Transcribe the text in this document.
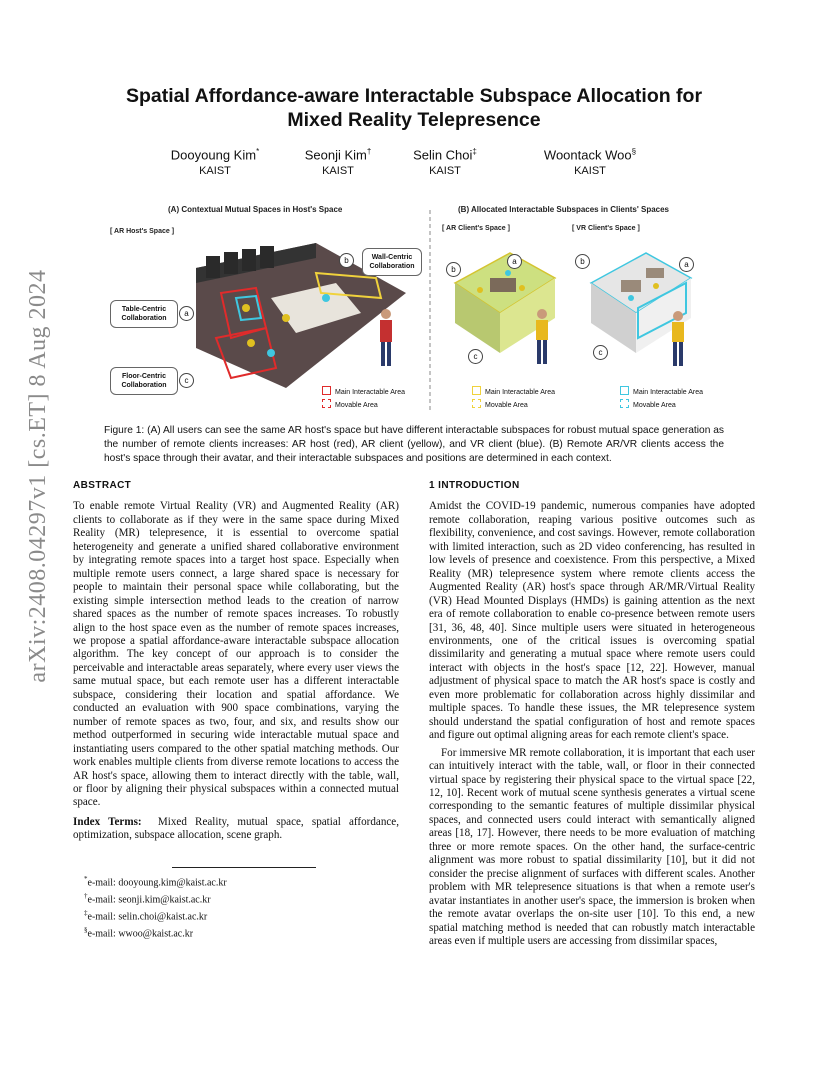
arXiv:2408.04297v1 [cs.ET] 8 Aug 2024
Spatial Affordance-aware Interactable Subspace Allocation for
Mixed Reality Telepresence
Dooyoung Kim*
KAIST
Seonji Kim†
KAIST
Selin Choi‡
KAIST
Woontack Woo§
KAIST
(A) Contextual Mutual Spaces in Host's Space	(B) Allocated Interactable Subspaces in Clients' Spaces
[ AR Host's Space ]	[ AR Client's Space ]	[ VR Client's Space ]
Wall-Centric Collaboration
b
Table-Centric Collaboration
a
Floor-Centric Collaboration
c
b
a
c
b	a
c
Main Interactable Area
Movable Area
Main Interactable Area
Movable Area
Main Interactable Area
Movable Area
Figure 1: (A) All users can see the same AR host's space but have different interactable subspaces for robust mutual space generation as the number of remote clients increases: AR host (red), AR client (yellow), and VR client (blue). (B) Remote AR/VR clients access the host's space through their avatar, and their interactable subspaces and positions are determined in each context.

ABSTRACT

To enable remote Virtual Reality (VR) and Augmented Reality (AR) clients to collaborate as if they were in the same space during Mixed Reality (MR) telepresence, it is essential to overcome spatial heterogeneity and generate a unified shared collaborative environment by integrating remote spaces into a target host space. Especially when multiple remote users connect, a large shared space is necessary for people to maintain their personal space while collaborating, but the existing simple intersection method leads to the creation of narrow shared spaces as the number of remote spaces increases. To robustly align to the host space even as the number of remote spaces increases, we propose a spatial affordance-aware interactable subspace allocation algorithm. The key concept of our approach is to consider the perceivable and interactable areas separately, where every user views the same mutual space, but each remote user has a different interactable subspace, considering their location and spatial affordance. We conducted an evaluation with 900 space combinations, varying the number of remote spaces as two, four, and six, and results show our method outperformed in securing wide interactable mutual space and instantiating users compared to the other spatial matching methods. Our work enables multiple clients from diverse remote locations to access the AR host's space, allowing them to interact directly with the table, wall, or floor by aligning their physical subspaces within a connected mutual space.

Index Terms: Mixed Reality, mutual space, spatial affordance, optimization, subspace allocation, scene graph.

*e-mail: dooyoung.kim@kaist.ac.kr
†e-mail: seonji.kim@kaist.ac.kr
‡e-mail: selin.choi@kaist.ac.kr
§e-mail: wwoo@kaist.ac.kr

1 INTRODUCTION

Amidst the COVID-19 pandemic, numerous companies have adopted remote collaboration, reaping various positive outcomes such as flexibility, convenience, and cost savings. However, remote collaboration with limited interaction, such as 2D video conferencing, has resulted in low levels of presence and coexistence. From this perspective, a Mixed Reality (MR) telepresence system where remote clients access the Augmented Reality (AR) host's space through AR/MR/Virtual Reality (VR) Head Mounted Displays (HMDs) is gaining attention as the next era of remote collaboration to enable co-presence between remote users [31, 36, 48, 40]. Since multiple users were situated in heterogeneous environments, one of the critical issues is overcoming spatial dissimilarity and generating a mutual space where remote users could interact with objects in the host's space [12, 22]. However, manual adjustment of physical space to match the AR host's space is costly and even more problematic for collaboration across highly dissimilar and multiple spaces. To handle these issues, the MR telepresence system should understand the spatial configuration of host and remote spaces and figure out optimal aligning areas for each remote client's space.

For immersive MR remote collaboration, it is important that each user can intuitively interact with the table, wall, or floor in their connected virtual space by registering their physical space to the virtual space [22, 12, 10]. Recent work of mutual scene synthesis generates a virtual scene corresponding to the semantic features of multiple dissimilar physical spaces, and connected users could interact with semantically aligned areas [18, 17]. However, there needs to be more evaluation of matching three or more remote spaces. On the other hand, the surface-centric alignment was more robust to spatial dissimilarity [10], but it did not consider the precise alignment of surfaces with different scales. Another problem with MR telepresence situations is that when a remote user's avatar instantiates in another user's space, the immersion is broken when the remote avatar overlaps the on-site user [10]. To this end, a new spatial matching method is needed that can robustly match interactable areas even if multiple users are accessing from dissimilar spaces,
